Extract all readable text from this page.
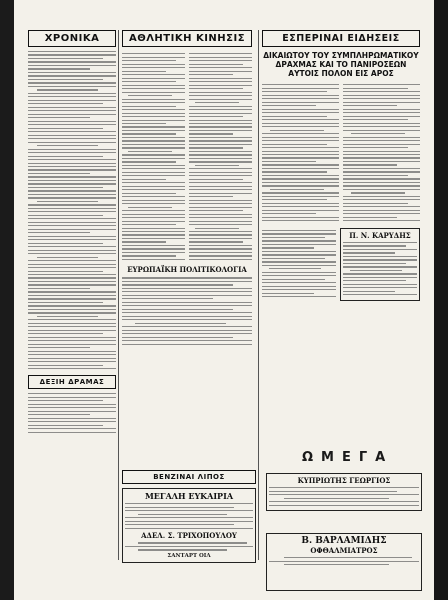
ΧΡΟΝΙΚΑ
ΔΕΞΙΗ ΔΡΑΜΑΣ
ΑΘΛΗΤΙΚΗ ΚΙΝΗΣΙΣ
ΕΥΡΩΠΑΪΚΗ ΠΟΛΙΤΙΚΟΛΟΓΙΑ
ΕΣΠΕΡΙΝΑΙ ΕΙΔΗΣΕΙΣ
ΔΙΚΑΙΩΤΟΥ ΤΟΥ ΣΥΜΠΛΗΡΩΜΑΤΙΚΟΥ ΔΡΑΧΜΑΣ ΚΑΙ ΤΟ ΠΑΝΙΡΟΣΕΩΝ ΑΥΤΟΙΣ ΠΟΛΟΝ ΕΙΣ ΑΡΟΣ
Π. Ν. ΚΑΡΥΔΗΣ
ΒΕΝΖΙΝΑΙ ΛΙΠΟΣ
ΜΕΓΑΛΗ ΕΥΚΑΙΡΙΑ
ΑΔΕΛ. Σ. ΤΡΙΧΟΠΟΥΛΟΥ
ΣΑΝΤΑΡΤ ΟΙΛ
ΩΜΕΓΑ
ΚΥΠΡΙΩΤΗΣ ΓΕΩΡΓΙΟΣ
Β. ΒΑΡΛΑΜΙΔΗΣ
ΟΦΘΑΛΜΙΑΤΡΟΣ
